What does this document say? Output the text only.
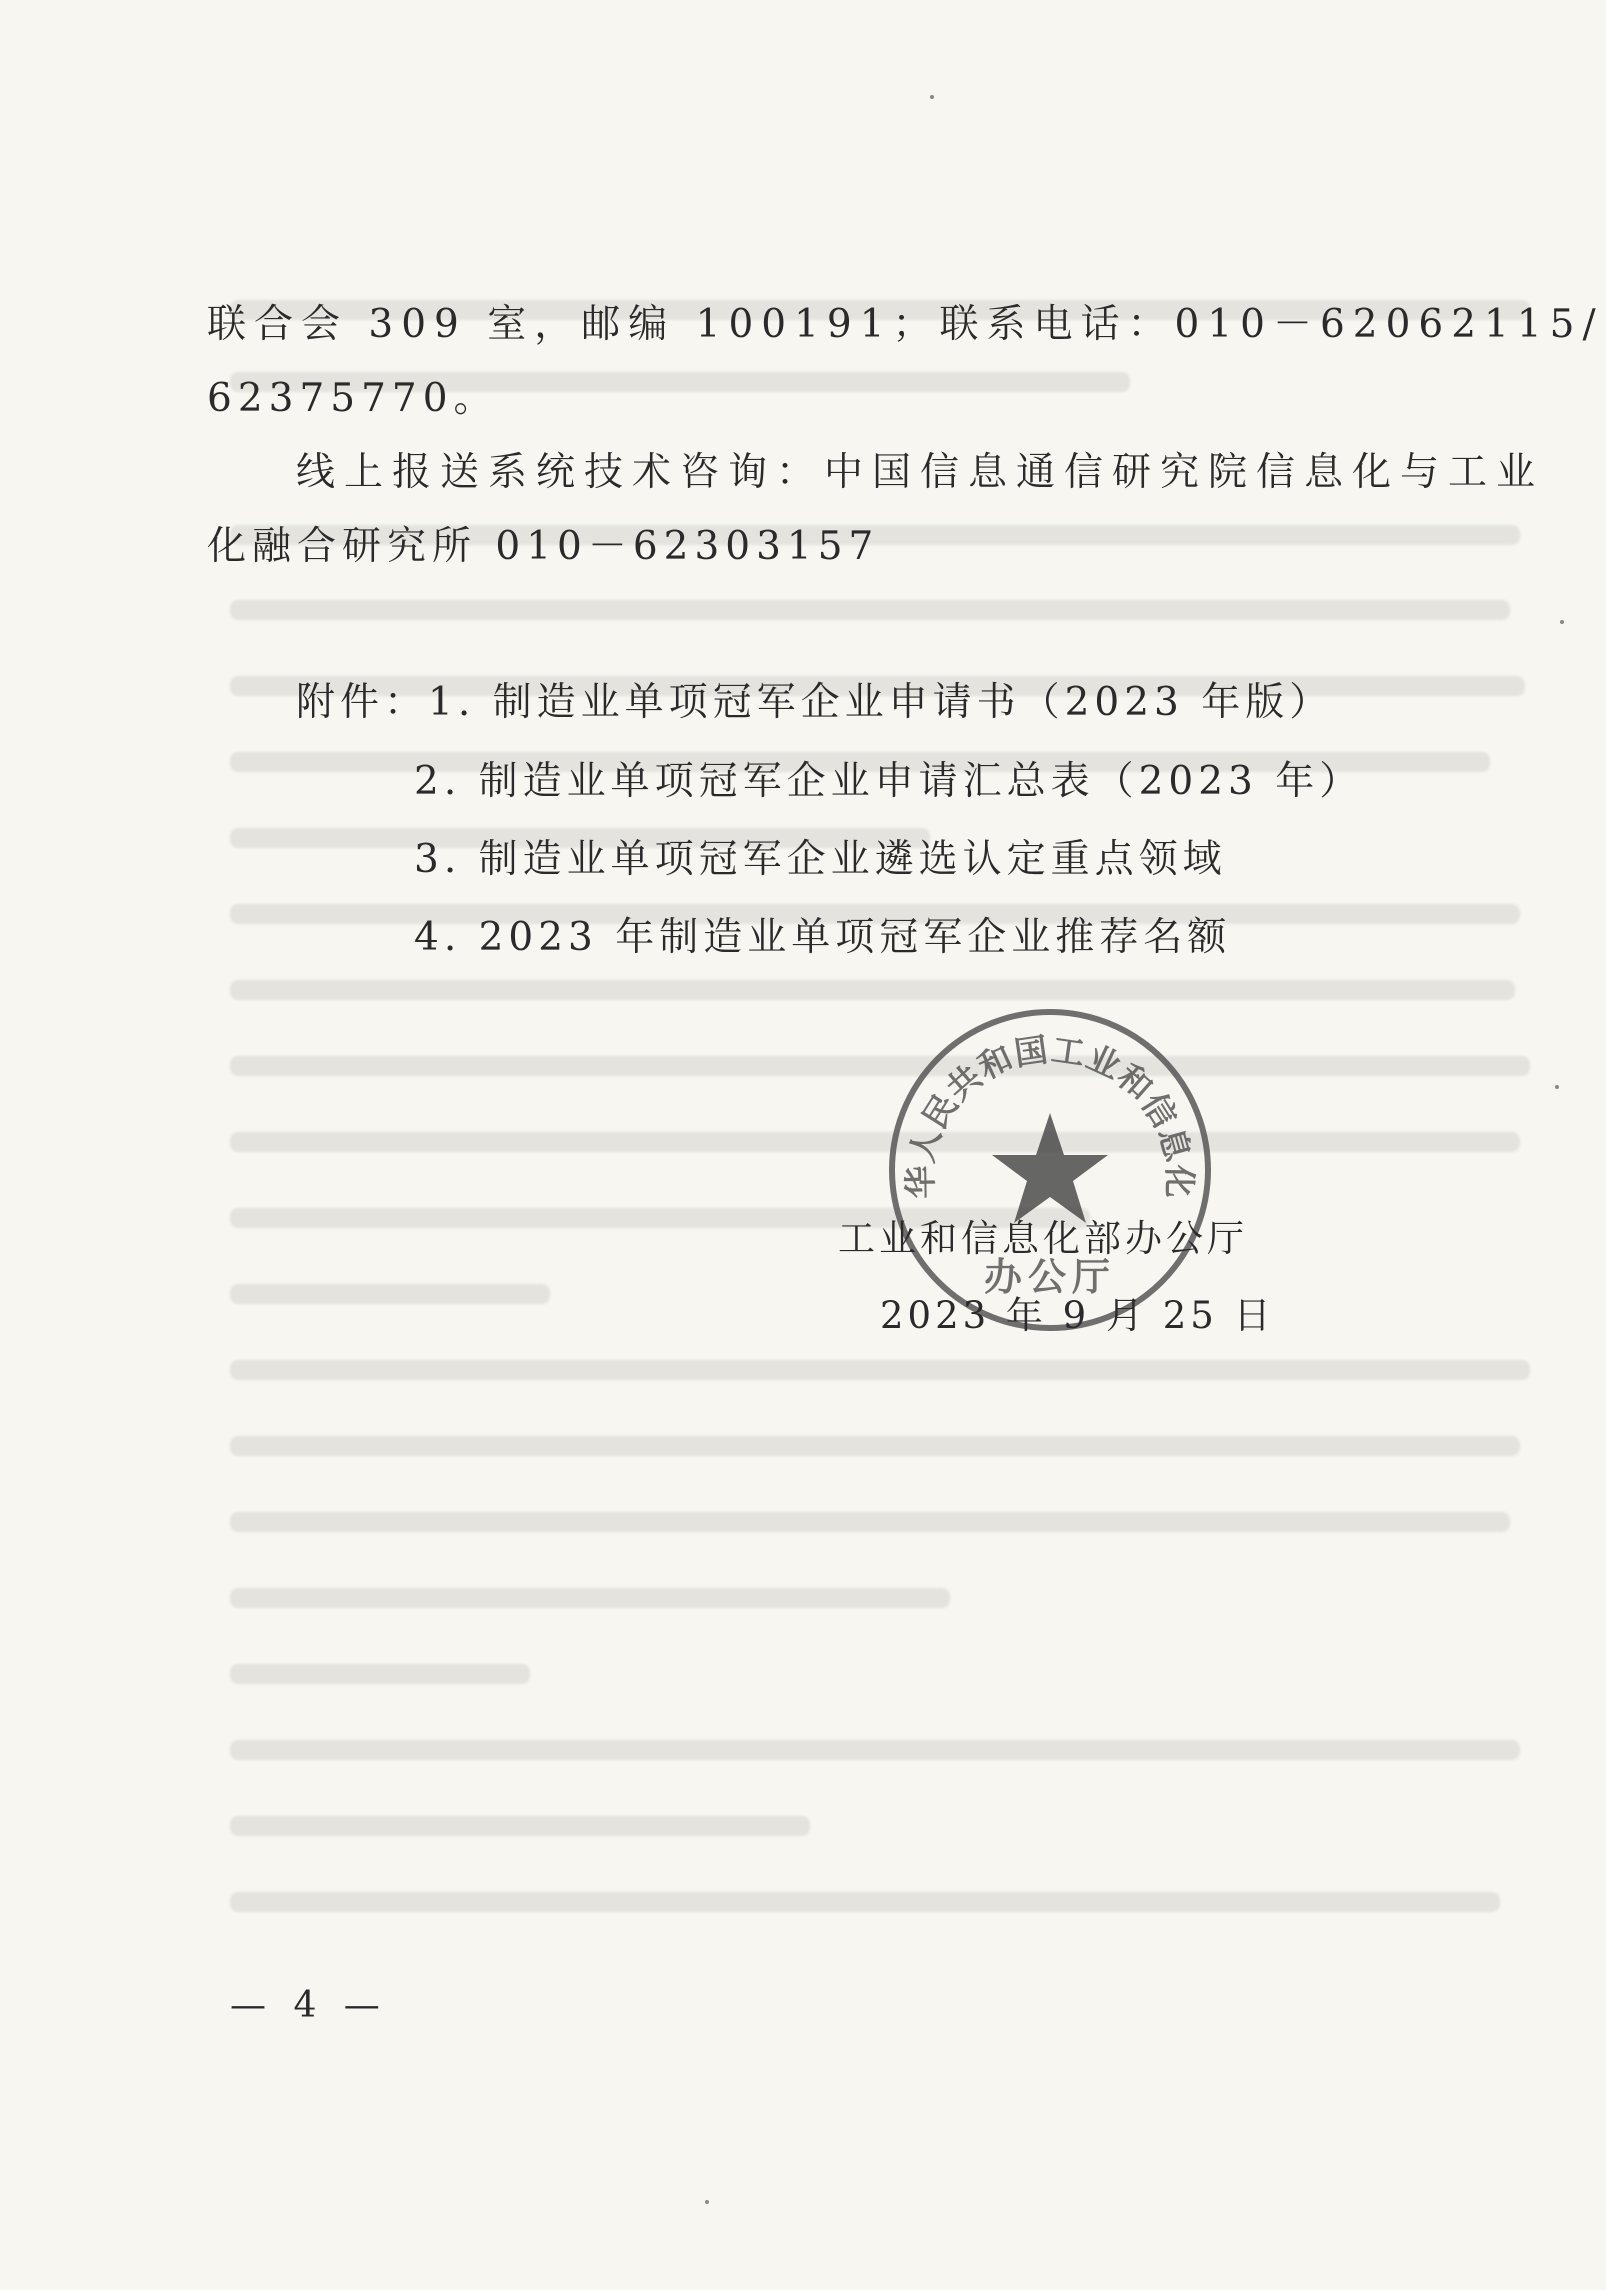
联合会 309 室，邮编 100191；联系电话：010－62062115/
62375770。
线上报送系统技术咨询：中国信息通信研究院信息化与工业
化融合研究所 010－62303157
附件：1. 制造业单项冠军企业申请书（2023 年版）
2. 制造业单项冠军企业申请汇总表（2023 年）
3. 制造业单项冠军企业遴选认定重点领域
4. 2023 年制造业单项冠军企业推荐名额
华人民共和国工业和信息化
办公厅
工业和信息化部办公厅
2023 年 9 月 25 日
— 4 —
